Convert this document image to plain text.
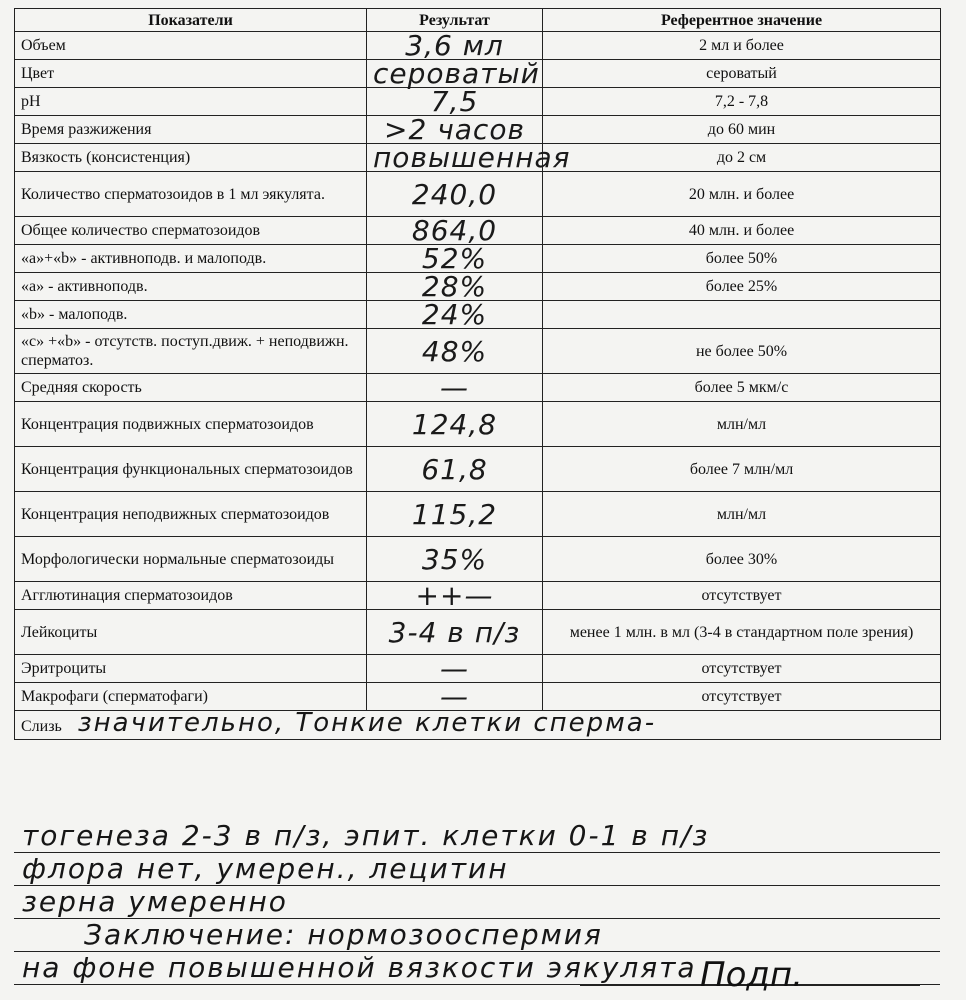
Показатели	Результат	Референтное значение
Объем	3,6 мл	2 мл и более
Цвет	сероватый	сероватый
pH	7,5	7,2 - 7,8
Время разжижения	>2 часов	до 60 мин
Вязкость (консистенция)	повышенная	до 2 см
Количество сперматозоидов в 1 мл эякулята.	240,0	20 млн. и более
Общее количество сперматозоидов	864,0	40 млн. и более
«а»+«b» - активноподв. и малоподв.	52%	более 50%
«а» - активноподв.	28%	более 25%
«b» - малоподв.	24%	
«с» +«b» - отсутств. поступ.движ. + неподвижн. сперматоз.	48%	не более 50%
Средняя скорость	—	более 5 мкм/с
Концентрация подвижных сперматозоидов	124,8	млн/мл
Концентрация функциональных сперматозоидов	61,8	более 7 млн/мл
Концентрация неподвижных сперматозоидов	115,2	млн/мл
Морфологически нормальные сперматозоиды	35%	более 30%
Агглютинация сперматозоидов	++—	отсутствует
Лейкоциты	3-4 в п/з	менее 1 млн. в мл (3-4 в стандартном поле зрения)
Эритроциты	—	отсутствует
Макрофаги (сперматофаги)	—	отсутствует
Слизь значительно, Тонкие клетки спермa-		
тогенеза 2-3 в п/з, эпит. клетки 0-1 в п/з
флора нет, умерен., лецитин
зерна умеренно
Заключение: нормозооспермия
на фоне повышенной вязкости эякулята Подп.
